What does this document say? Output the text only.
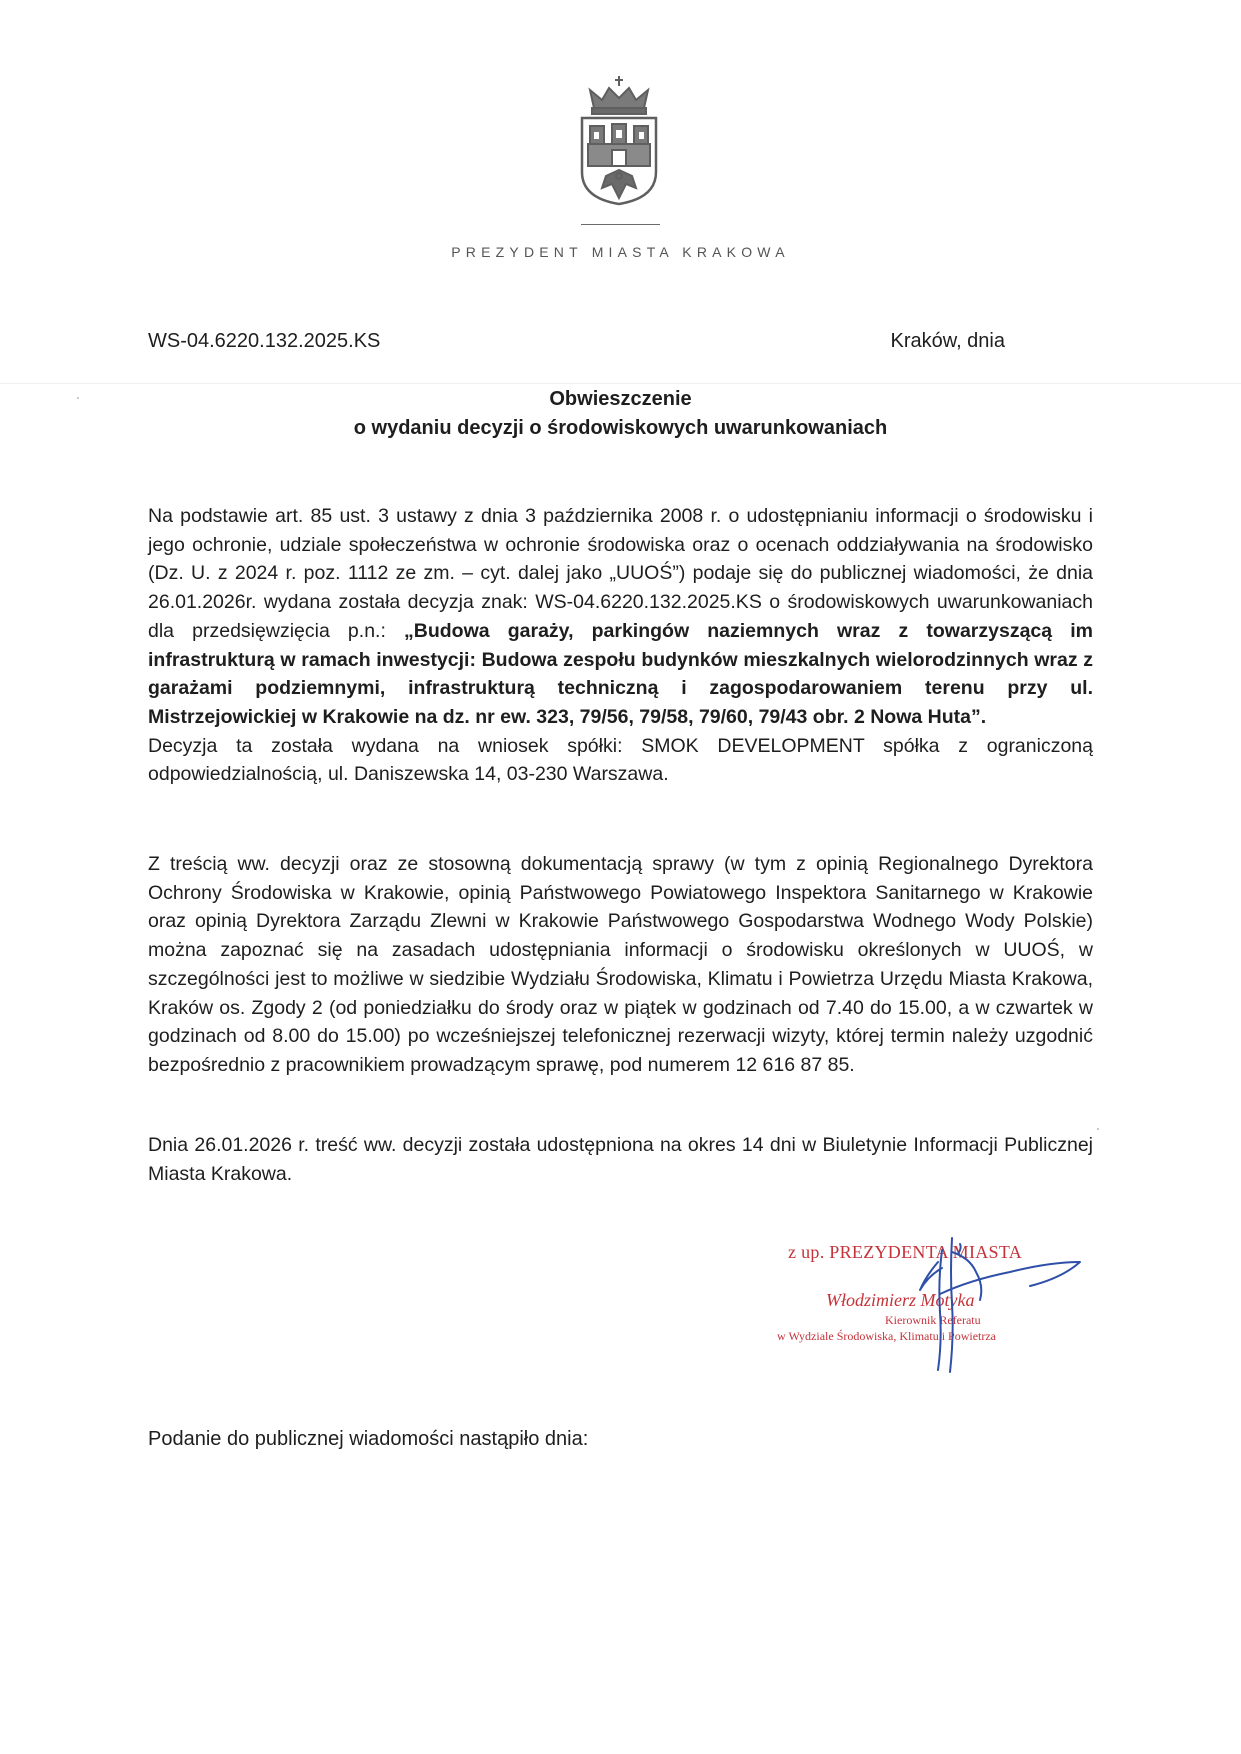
PREZYDENT MIASTA KRAKOWA
WS-04.6220.132.2025.KS	Kraków, dnia
Obwieszczenie
o wydaniu decyzji o środowiskowych uwarunkowaniach

Na podstawie art. 85 ust. 3 ustawy z dnia 3 października 2008 r. o udostępnianiu informacji o środowisku i jego ochronie, udziale społeczeństwa w ochronie środowiska oraz o ocenach oddziaływania na środowisko (Dz. U. z 2024 r. poz. 1112 ze zm. – cyt. dalej jako „UUOŚ”) podaje się do publicznej wiadomości, że dnia 26.01.2026r. wydana została decyzja znak: WS-04.6220.132.2025.KS o środowiskowych uwarunkowaniach dla przedsięwzięcia p.n.: „Budowa garaży, parkingów naziemnych wraz z towarzyszącą im infrastrukturą w ramach inwestycji: Budowa zespołu budynków mieszkalnych wielorodzinnych wraz z garażami podziemnymi, infrastrukturą techniczną i zagospodarowaniem terenu przy ul. Mistrzejowickiej w Krakowie na dz. nr ew. 323, 79/56, 79/58, 79/60, 79/43 obr. 2 Nowa Huta”.
Decyzja ta została wydana na wniosek spółki: SMOK DEVELOPMENT spółka z ograniczoną odpowiedzialnością, ul. Daniszewska 14, 03-230 Warszawa.

Z treścią ww. decyzji oraz ze stosowną dokumentacją sprawy (w tym z opinią Regionalnego Dyrektora Ochrony Środowiska w Krakowie, opinią Państwowego Powiatowego Inspektora Sanitarnego w Krakowie oraz opinią Dyrektora Zarządu Zlewni w Krakowie Państwowego Gospodarstwa Wodnego Wody Polskie) można zapoznać się na zasadach udostępniania informacji o środowisku określonych w UUOŚ, w szczególności jest to możliwe w siedzibie Wydziału Środowiska, Klimatu i Powietrza Urzędu Miasta Krakowa, Kraków os. Zgody 2 (od poniedziałku do środy oraz w piątek w godzinach od 7.40 do 15.00, a w czwartek w godzinach od 8.00 do 15.00) po wcześniejszej telefonicznej rezerwacji wizyty, której termin należy uzgodnić bezpośrednio z pracownikiem prowadzącym sprawę, pod numerem 12 616 87 85.

Dnia 26.01.2026 r. treść ww. decyzji została udostępniona na okres 14 dni w Biuletynie Informacji Publicznej Miasta Krakowa.

z up. PREZYDENTA MIASTA
Włodzimierz Motyka
Kierownik Referatu
w Wydziale Środowiska, Klimatu i Powietrza
Podanie do publicznej wiadomości nastąpiło dnia:
